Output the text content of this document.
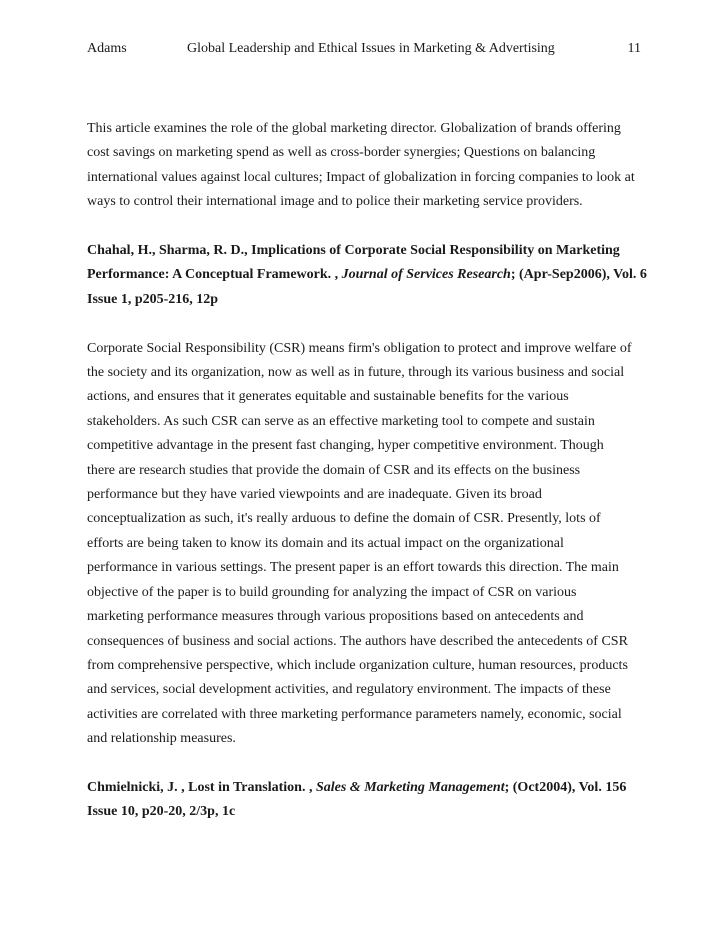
Adams	Global Leadership and Ethical Issues in Marketing & Advertising	11

This article examines the role of the global marketing director. Globalization of brands offering
cost savings on marketing spend as well as cross-border synergies; Questions on balancing
international values against local cultures; Impact of globalization in forcing companies to look at
ways to control their international image and to police their marketing service providers.

Chahal, H., Sharma, R. D., Implications of Corporate Social Responsibility on Marketing
Performance: A Conceptual Framework. , Journal of Services Research; (Apr-Sep2006), Vol. 6
Issue 1, p205-216, 12p

Corporate Social Responsibility (CSR) means firm's obligation to protect and improve welfare of
the society and its organization, now as well as in future, through its various business and social
actions, and ensures that it generates equitable and sustainable benefits for the various
stakeholders. As such CSR can serve as an effective marketing tool to compete and sustain
competitive advantage in the present fast changing, hyper competitive environment. Though
there are research studies that provide the domain of CSR and its effects on the business
performance but they have varied viewpoints and are inadequate. Given its broad
conceptualization as such, it's really arduous to define the domain of CSR. Presently, lots of
efforts are being taken to know its domain and its actual impact on the organizational
performance in various settings. The present paper is an effort towards this direction. The main
objective of the paper is to build grounding for analyzing the impact of CSR on various
marketing performance measures through various propositions based on antecedents and
consequences of business and social actions. The authors have described the antecedents of CSR
from comprehensive perspective, which include organization culture, human resources, products
and services, social development activities, and regulatory environment. The impacts of these
activities are correlated with three marketing performance parameters namely, economic, social
and relationship measures.

Chmielnicki, J. , Lost in Translation. , Sales & Marketing Management; (Oct2004), Vol. 156
Issue 10, p20-20, 2/3p, 1c
